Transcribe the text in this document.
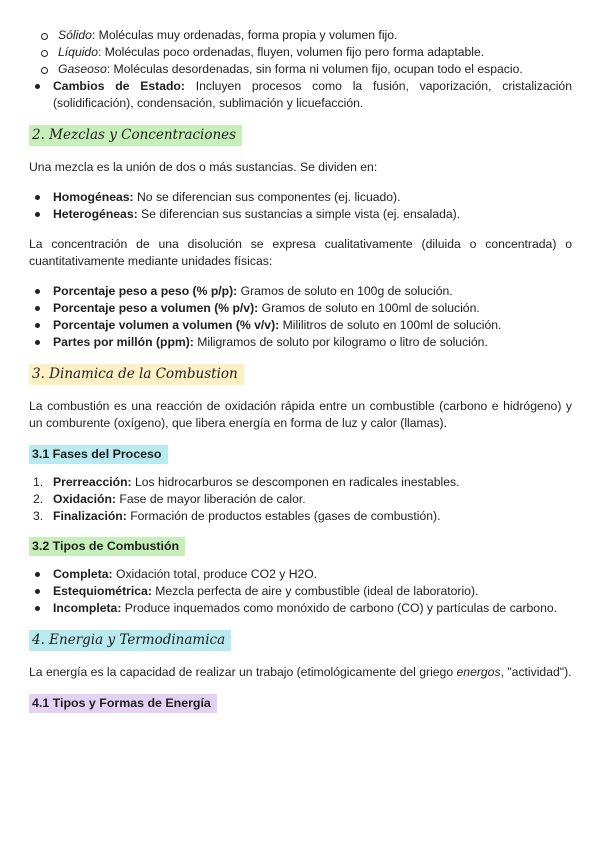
Sólido: Moléculas muy ordenadas, forma propia y volumen fijo.
Líquido: Moléculas poco ordenadas, fluyen, volumen fijo pero forma adaptable.
Gaseoso: Moléculas desordenadas, sin forma ni volumen fijo, ocupan todo el espacio.
Cambios de Estado: Incluyen procesos como la fusión, vaporización, cristalización (solidificación), condensación, sublimación y licuefacción.
2. Mezclas y Concentraciones

Una mezcla es la unión de dos o más sustancias. Se dividen en:

Homogéneas: No se diferencian sus componentes (ej. licuado).
Heterogéneas: Se diferencian sus sustancias a simple vista (ej. ensalada).

La concentración de una disolución se expresa cualitativamente (diluida o concentrada) o cuantitativamente mediante unidades físicas:

Porcentaje peso a peso (% p/p): Gramos de soluto en 100g de solución.
Porcentaje peso a volumen (% p/v): Gramos de soluto en 100ml de solución.
Porcentaje volumen a volumen (% v/v): Mililitros de soluto en 100ml de solución.
Partes por millón (ppm): Miligramos de soluto por kilogramo o litro de solución.
3. Dinamica de la Combustion

La combustión es una reacción de oxidación rápida entre un combustible (carbono e hidrógeno) y un comburente (oxígeno), que libera energía en forma de luz y calor (llamas).

3.1 Fases del Proceso
1. Prerreacción: Los hidrocarburos se descomponen en radicales inestables.
2. Oxidación: Fase de mayor liberación de calor.
3. Finalización: Formación de productos estables (gases de combustión).
3.2 Tipos de Combustión
Completa: Oxidación total, produce CO2 y H2O.
Estequiométrica: Mezcla perfecta de aire y combustible (ideal de laboratorio).
Incompleta: Produce inquemados como monóxido de carbono (CO) y partículas de carbono.
4. Energia y Termodinamica

La energía es la capacidad de realizar un trabajo (etimológicamente del griego energos, "actividad").

4.1 Tipos y Formas de Energía
